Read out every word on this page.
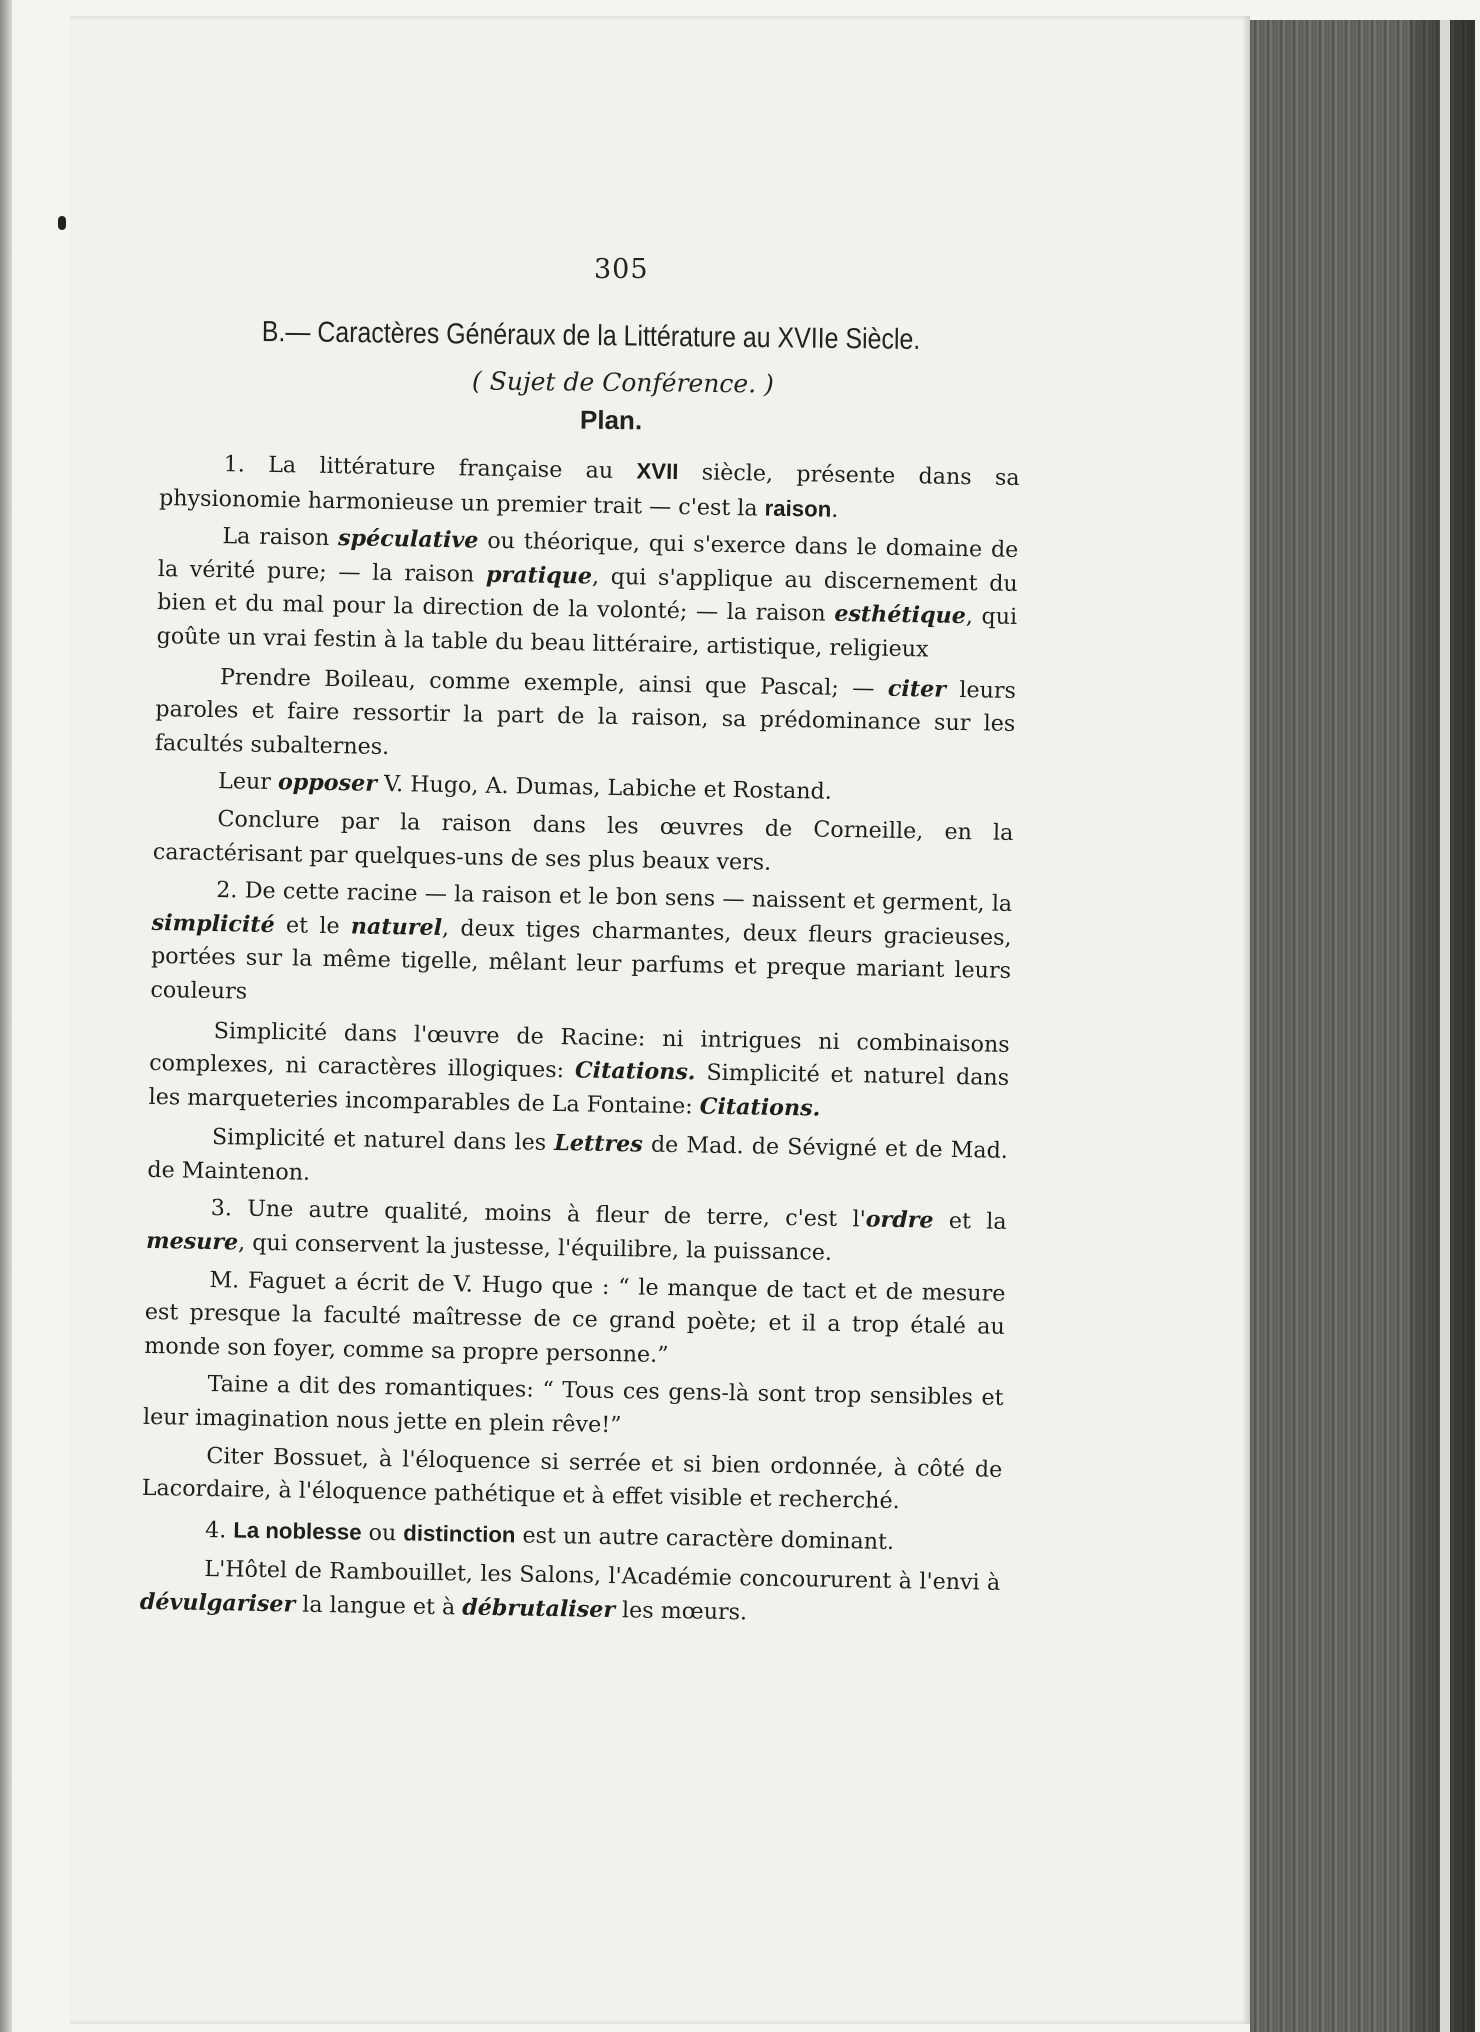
305
B.— Caractères Généraux de la Littérature au XVIIe Siècle.
( Sujet de Conférence. )
Plan.

1. La littérature française au XVII siècle, présente dans sa physionomie harmonieuse un premier trait — c'est la raison.

La raison spéculative ou théorique, qui s'exerce dans le domaine de la vérité pure; — la raison pratique, qui s'applique au discernement du bien et du mal pour la direction de la volonté; — la raison esthétique, qui goûte un vrai festin à la table du beau littéraire, artistique, religieux

Prendre Boileau, comme exemple, ainsi que Pascal; — citer leurs paroles et faire ressortir la part de la raison, sa prédominance sur les facultés subalternes.

Leur opposer V. Hugo, A. Dumas, Labiche et Rostand.

Conclure par la raison dans les œuvres de Corneille, en la caractérisant par quelques-uns de ses plus beaux vers.

2. De cette racine — la raison et le bon sens — naissent et germent, la simplicité et le naturel, deux tiges charmantes, deux fleurs gracieuses, portées sur la même tigelle, mêlant leur parfums et preque mariant leurs couleurs

Simplicité dans l'œuvre de Racine: ni intrigues ni combinaisons complexes, ni caractères illogiques: Citations. Simplicité et naturel dans les marqueteries incomparables de La Fontaine: Citations.

Simplicité et naturel dans les Lettres de Mad. de Sévigné et de Mad. de Maintenon.

3. Une autre qualité, moins à fleur de terre, c'est l'ordre et la mesure, qui conservent la justesse, l'équilibre, la puissance.

M. Faguet a écrit de V. Hugo que : “ le manque de tact et de mesure est presque la faculté maîtresse de ce grand poète; et il a trop étalé au monde son foyer, comme sa propre personne.”

Taine a dit des romantiques: “ Tous ces gens-là sont trop sensibles et leur imagination nous jette en plein rêve!”

Citer Bossuet, à l'éloquence si serrée et si bien ordonnée, à côté de Lacordaire, à l'éloquence pathétique et à effet visible et recherché.

4. La noblesse ou distinction est un autre caractère dominant.

L'Hôtel de Rambouillet, les Salons, l'Académie concoururent à l'envi à dévulgariser la langue et à débrutaliser les mœurs.
